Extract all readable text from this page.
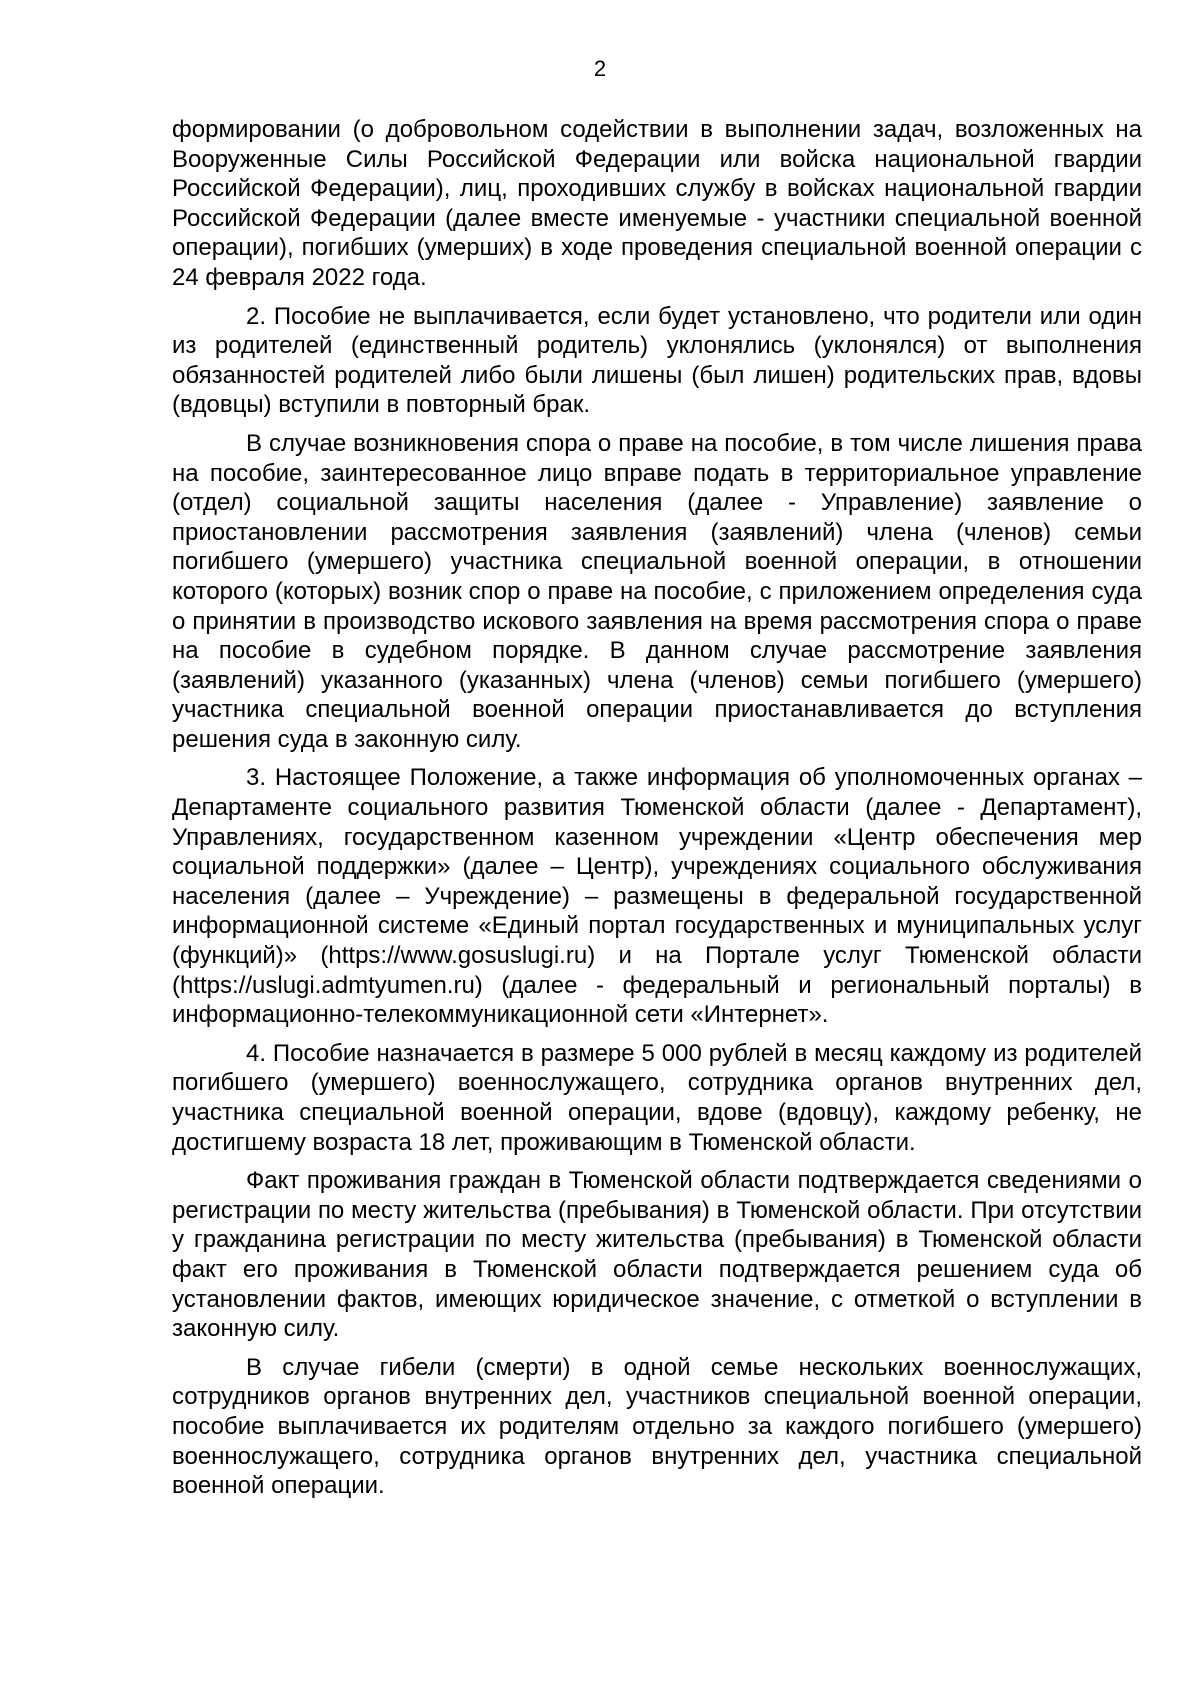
2

формировании (о добровольном содействии в выполнении задач, возложенных на Вооруженные Силы Российской Федерации или войска национальной гвардии Российской Федерации), лиц, проходивших службу в войсках национальной гвардии Российской Федерации (далее вместе именуемые - участники специальной военной операции), погибших (умерших) в ходе проведения специальной военной операции с 24 февраля 2022 года.

2. Пособие не выплачивается, если будет установлено, что родители или один из родителей (единственный родитель) уклонялись (уклонялся) от выполнения обязанностей родителей либо были лишены (был лишен) родительских прав, вдовы (вдовцы) вступили в повторный брак.

В случае возникновения спора о праве на пособие, в том числе лишения права на пособие, заинтересованное лицо вправе подать в территориальное управление (отдел) социальной защиты населения (далее - Управление) заявление о приостановлении рассмотрения заявления (заявлений) члена (членов) семьи погибшего (умершего) участника специальной военной операции, в отношении которого (которых) возник спор о праве на пособие, с приложением определения суда о принятии в производство искового заявления на время рассмотрения спора о праве на пособие в судебном порядке. В данном случае рассмотрение заявления (заявлений) указанного (указанных) члена (членов) семьи погибшего (умершего) участника специальной военной операции приостанавливается до вступления решения суда в законную силу.

3. Настоящее Положение, а также информация об уполномоченных органах – Департаменте социального развития Тюменской области (далее - Департамент), Управлениях, государственном казенном учреждении «Центр обеспечения мер социальной поддержки» (далее – Центр), учреждениях социального обслуживания населения (далее – Учреждение) – размещены в федеральной государственной информационной системе «Единый портал государственных и муниципальных услуг (функций)» (https://www.gosuslugi.ru) и на Портале услуг Тюменской области (https://uslugi.admtyumen.ru) (далее - федеральный и региональный порталы) в информационно-телекоммуникационной сети «Интернет».

4. Пособие назначается в размере 5 000 рублей в месяц каждому из родителей погибшего (умершего) военнослужащего, сотрудника органов внутренних дел, участника специальной военной операции, вдове (вдовцу), каждому ребенку, не достигшему возраста 18 лет, проживающим в Тюменской области.

Факт проживания граждан в Тюменской области подтверждается сведениями о регистрации по месту жительства (пребывания) в Тюменской области. При отсутствии у гражданина регистрации по месту жительства (пребывания) в Тюменской области факт его проживания в Тюменской области подтверждается решением суда об установлении фактов, имеющих юридическое значение, с отметкой о вступлении в законную силу.

В случае гибели (смерти) в одной семье нескольких военнослужащих, сотрудников органов внутренних дел, участников специальной военной операции, пособие выплачивается их родителям отдельно за каждого погибшего (умершего) военнослужащего, сотрудника органов внутренних дел, участника специальной военной операции.
